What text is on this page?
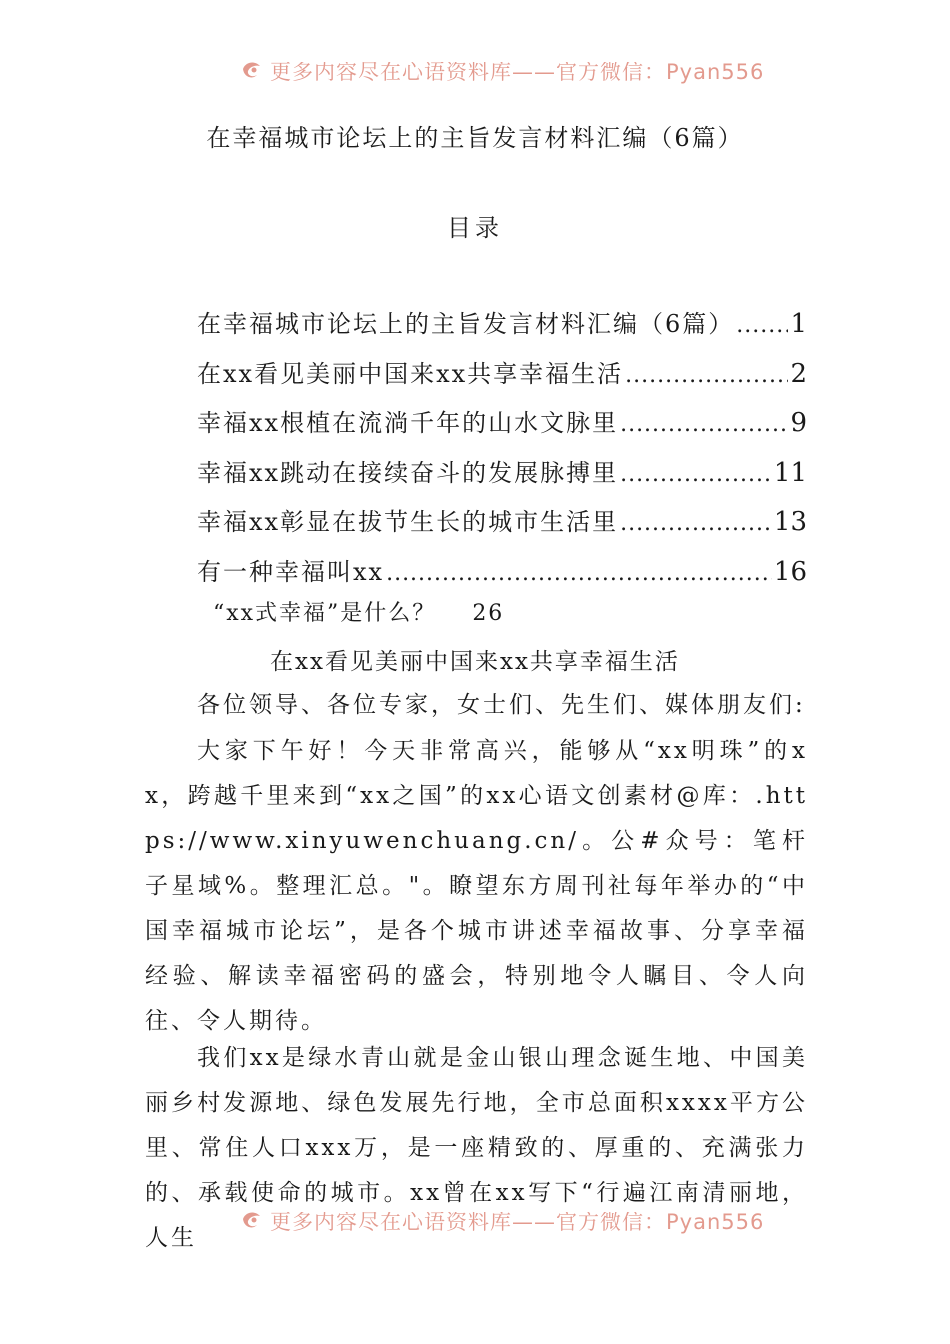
更多内容尽在心语资料库——官方微信：Pyan556
在幸福城市论坛上的主旨发言材料汇编（6篇）
目录
在幸福城市论坛上的主旨发言材料汇编（6篇） ..... 1
在xx看见美丽中国来xx共享幸福生活 .....	2
幸福xx根植在流淌千年的山水文脉里 .....	9
幸福xx跳动在接续奋斗的发展脉搏里 .....	11
幸福xx彰显在拔节生长的城市生活里 .....	13
有一种幸福叫xx .....	16
“xx式幸福”是什么？ 26
在xx看见美丽中国来xx共享幸福生活

各位领导、各位专家，女士们、先生们、媒体朋友们:

大家下午好！今天非常高兴，能够从“xx明珠”的xx，跨越千里来到“xx之国”的xx心语文创素材@库：.https://www.xinyuwenchuang.cn/。公#众号：笔杆子星域%。整理汇总。"。瞭望东方周刊社每年举办的“中国幸福城市论坛”，是各个城市讲述幸福故事、分享幸福经验、解读幸福密码的盛会，特别地令人瞩目、令人向往、令人期待。

我们xx是绿水青山就是金山银山理念诞生地、中国美丽乡村发源地、绿色发展先行地，全市总面积xxxx平方公里、常住人口xxx万，是一座精致的、厚重的、充满张力的、承载使命的城市。xx曾在xx写下“行遍江南清丽地，人生

更多内容尽在心语资料库——官方微信：Pyan556
